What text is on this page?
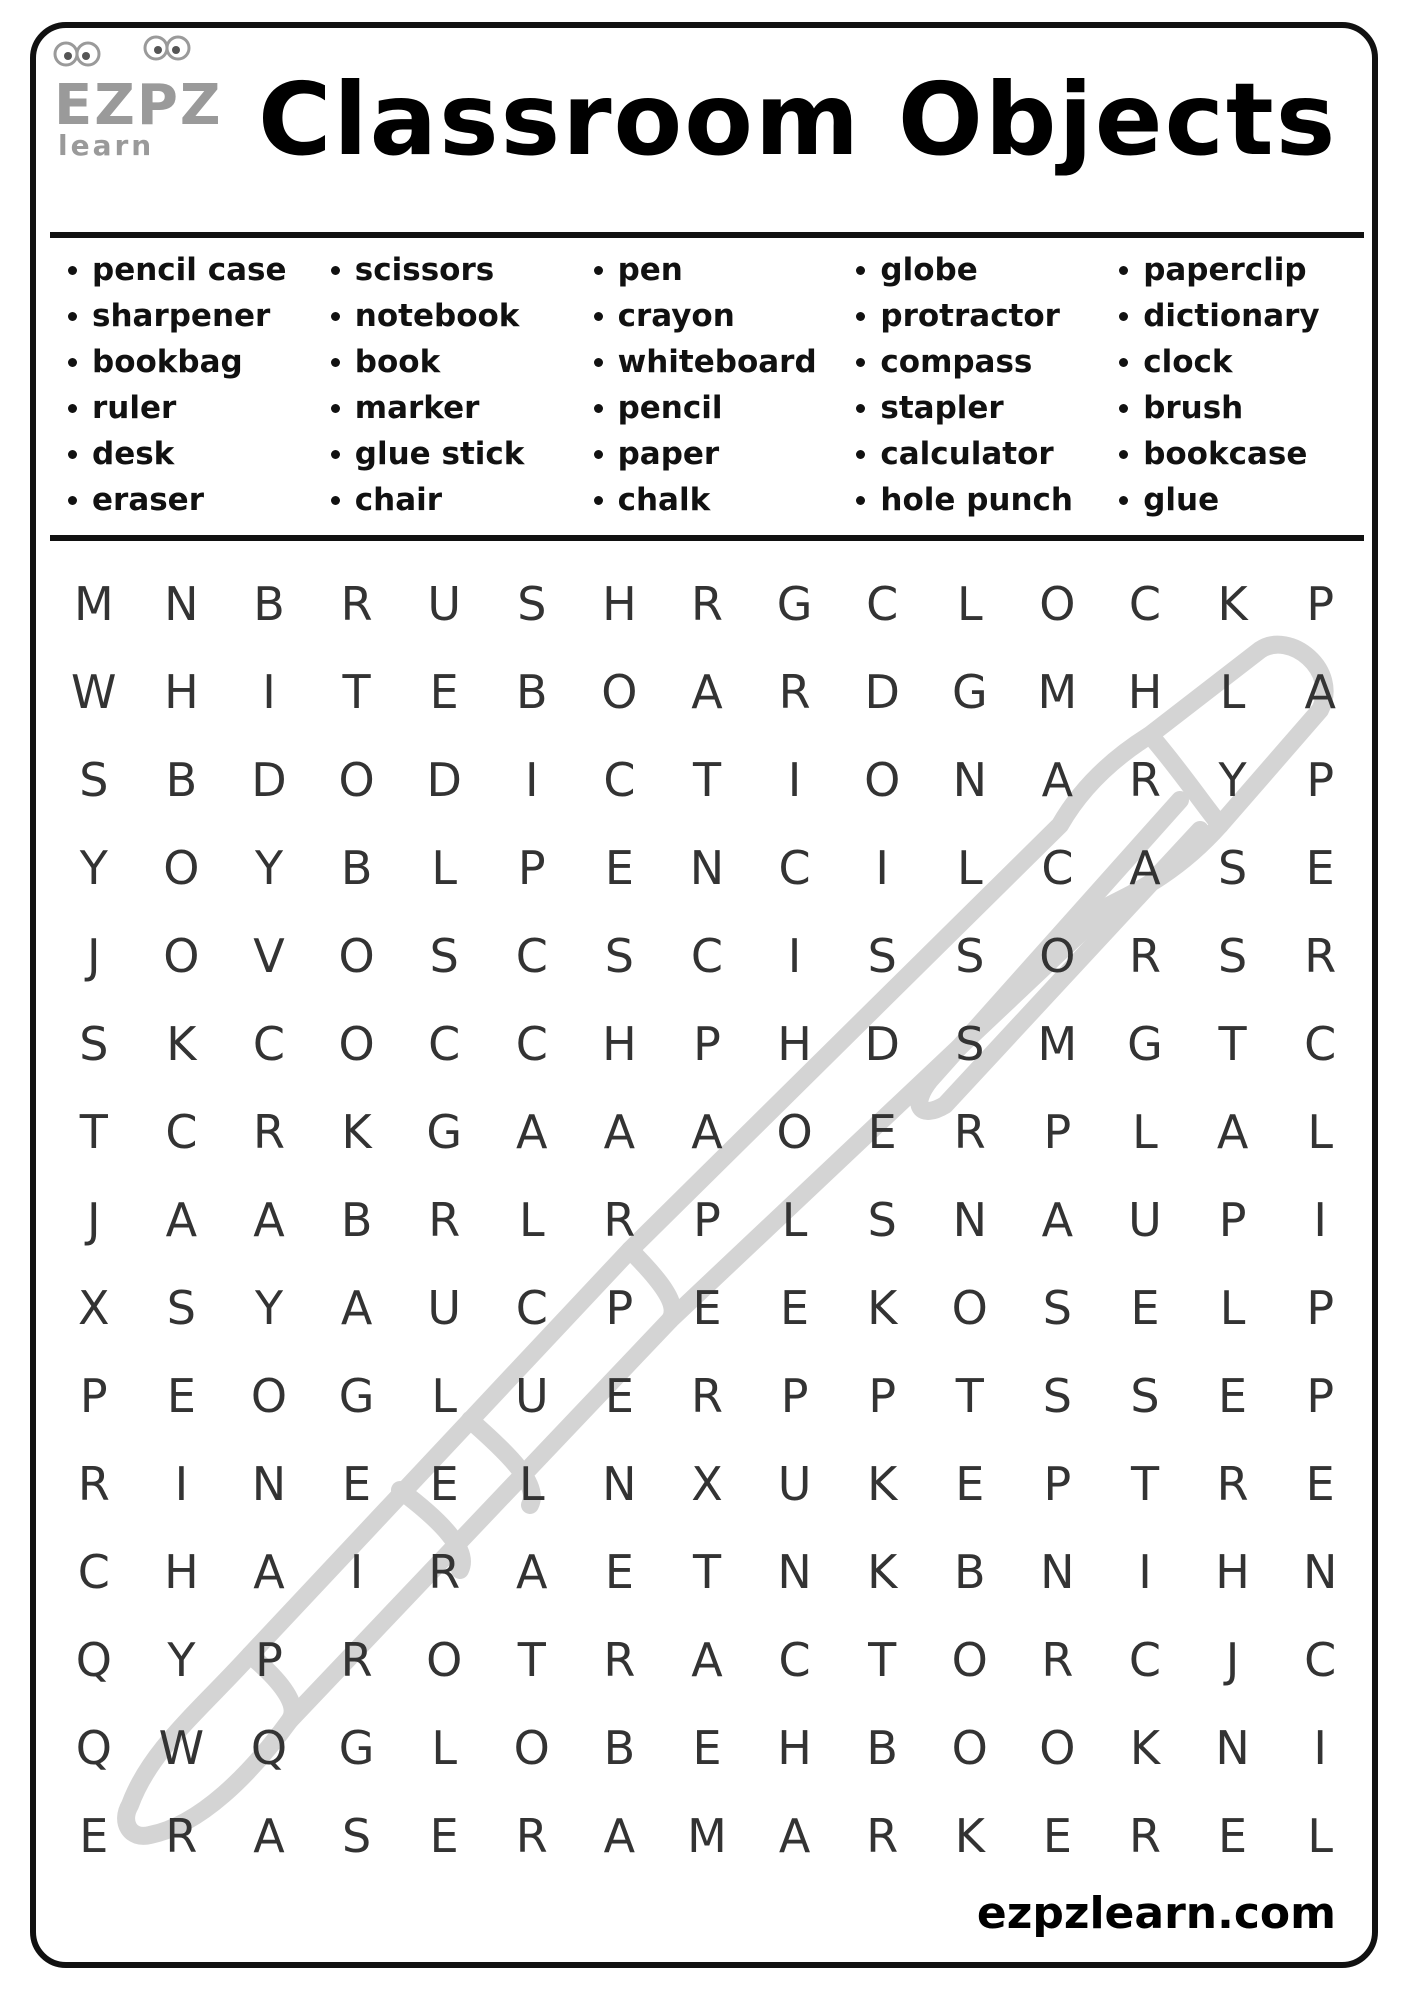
EZPZ
learn Classroom Objects
pencil case
sharpener
bookbag
ruler
desk
eraser
scissors
notebook
book
marker
glue stick
chair
pen
crayon
whiteboard
pencil
paper
chalk
globe
protractor
compass
stapler
calculator
hole punch
paperclip
dictionary
clock
brush
bookcase
glue
M	N	B	R	U	S	H	R	G	C	L	O	C	K	P
W	H	I	T	E	B	O	A	R	D	G	M	H	L	A
S	B	D	O	D	I	C	T	I	O	N	A	R	Y	P
Y	O	Y	B	L	P	E	N	C	I	L	C	A	S	E
J	O	V	O	S	C	S	C	I	S	S	O	R	S	R
S	K	C	O	C	C	H	P	H	D	S	M	G	T	C
T	C	R	K	G	A	A	A	O	E	R	P	L	A	L
J	A	A	B	R	L	R	P	L	S	N	A	U	P	I
X	S	Y	A	U	C	P	E	E	K	O	S	E	L	P
P	E	O	G	L	U	E	R	P	P	T	S	S	E	P
R	I	N	E	E	L	N	X	U	K	E	P	T	R	E
C	H	A	I	R	A	E	T	N	K	B	N	I	H	N
Q	Y	P	R	O	T	R	A	C	T	O	R	C	J	C
Q	W	Q	G	L	O	B	E	H	B	O	O	K	N	I
E	R	A	S	E	R	A	M	A	R	K	E	R	E	L
ezpzlearn.com
